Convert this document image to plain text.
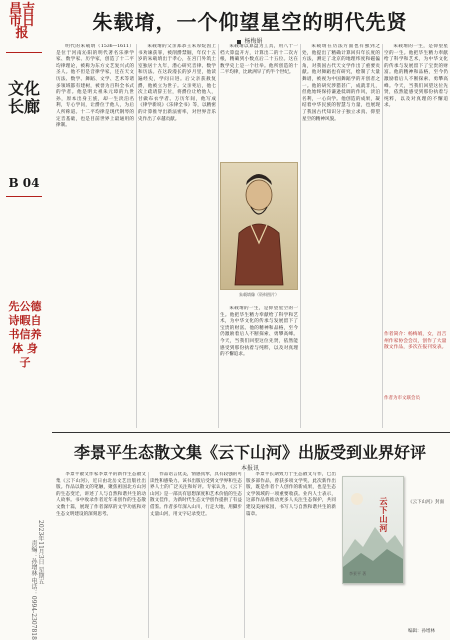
昌吉市日报
文化长廊
B 04
先公德
诗暇自 书信养
体 身
子
责编：孙增林 电话：0994-2307818 2023年11月3日 星期五
朱载堉，一个仰望星空的明代先贤
杨梅娟

明代的朱载堉（1536—1611）是位于河南沁阳的明代著名乐律学家、数学家、历学家，创造了十二平均律理论，被称为东方文艺复兴式的圣人。他不但是音律学家，还在天文历法、数学、舞蹈、文学、艺术等诸多领域都有建树，被誉为百科全书式的学者。他是明太祖朱元璋的九世孙，原本出身王族，却一生淡泊名利，专心学问，让爵位于他人，为后人所称道。十二平均律是现代钢琴的定音基础，也是目前世界上最通用的律制。

朱载堉的父亲郑恭王朱厚烷因上书劝谏获罪，被削爵禁锢，年仅十五岁的朱载堉出于孝心，在宫门外筑土室独居十九年，潜心研究音律、数学和历法。在这段漫长的岁月里，他读遍经史，学问日进。后父亲获赦复爵，他被立为世子。父亲死后，他七次上疏请辞王位，将爵位让给他人，甘做布衣学者。万历年间，他写成《律学新说》《乐律全书》等，以精密的计算推导出新法密率，对世界音乐史作出了卓越贡献。

朱载堉以算盘为工具，用八十一档大算盘开方，计算出二的十二次方根，精确到小数点后二十五位。这在数学史上是一个壮举。他所创造的十二平均律，比欧洲早了约半个世纪。

朱载堉像（资料图片）

朱载堉的一生，是仰望星空的一生。他把毕生精力奉献给了科学和艺术，为中华文化的传承与发展留下了宝贵的财富。他的精神和品格，至今仍激励着后人不断探索、勇攀高峰。今天，当我们回望这位先贤，依然能感受到那份执着与纯粹，以及对真理的不懈追求。

朱载堉在历法方面也有独到之处，他提出了精确计算回归年长度的方法，测定了北京的地理纬度和磁偏角，对我国古代天文学作出了重要贡献。他对舞蹈也有研究，绘制了大量舞谱，被视为中国舞蹈学的开创者之一。他的研究涉猎甚广，成就非凡，但他始终保持谦逊低调的作风，淡泊名利，一心向学。他创造的成果，凝结着中华民族的智慧与力量，也展现了我国古代知识分子独立求真、仰望星空的精神风貌。

朱载堉的一生，是仰望星空的一生。他把毕生精力奉献给了科学和艺术，为中华文化的传承与发展留下了宝贵的财富。他的精神和品格，至今仍激励着后人不断探索、勇攀高峰。今天，当我们回望这位先贤，依然能感受到那份执着与纯粹，以及对真理的不懈追求。

作者简介：杨梅娟，女，昌吉州作家协会会员，创作了大量散文作品，多次在报刊发表。
作者为市文联会员
李景平生态散文集《云下山河》出版受到业界好评
本报讯

李景平散文作家李景平的新作生态散文集《云下山河》，近日由北岳文艺出版社出版。作品以散文的笔触，聚焦祖国北方山河的生态变迁，讲述了人与自然和谐共生的动人故事。书中收录作者近年来创作的生态散文数十篇，展现了作者深厚的文学功底和对生态文明建设的深刻思考。

作品语言优美，情感真挚，具有较强的可读性和感染力。该书出版后受到文学界和生态界人士的广泛关注和好评。专家认为，《云下山河》是一部具有思想深度和艺术价值的生态散文佳作，为新时代生态文学创作提供了有益借鉴。作者多年深入山川，行走大地，用脚步丈量山河，用文字记录变迁。

李景平长期致力于生态散文写作，已出版多部作品，曾获多项文学奖。此次新作出版，既是作者个人创作的新成果，也是生态文学领域的一项重要收获。业内人士表示，这部作品将推动更多人关注生态保护，共同建设美丽家园，书写人与自然和谐共生的新篇章。	云下山河
李景平 著
《云下山河》封面
编辑：孙增林
